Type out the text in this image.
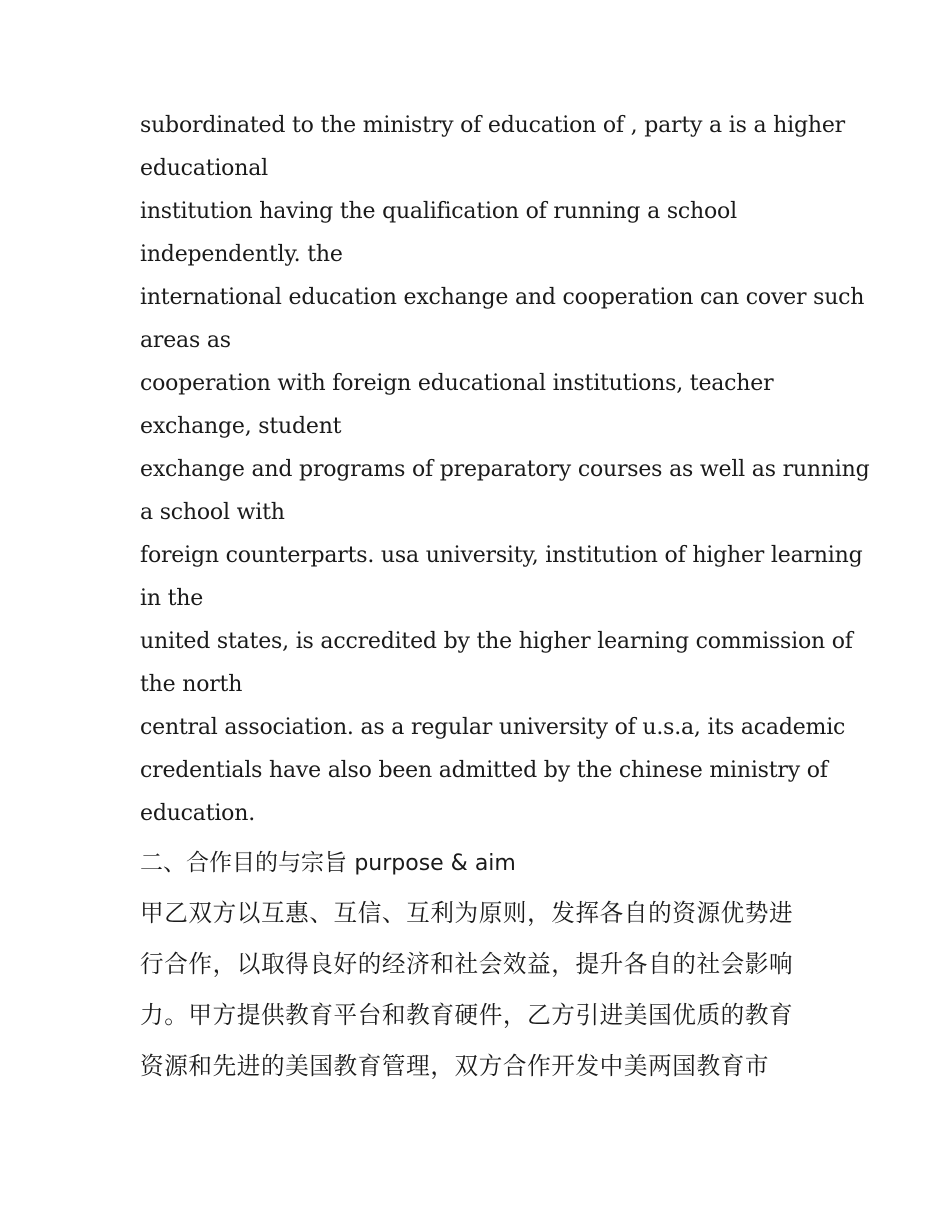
subordinated to the ministry of education of , party a is a higher
educational
institution having the qualification of running a school
independently. the
international education exchange and cooperation can cover such
areas as
cooperation with foreign educational institutions, teacher
exchange, student
exchange and programs of preparatory courses as well as running
a school with
foreign counterparts. usa university, institution of higher learning
in the
united states, is accredited by the higher learning commission of
the north
central association. as a regular university of u.s.a, its academic
credentials have also been admitted by the chinese ministry of
education.
二、合作目的与宗旨 purpose & aim
甲乙双方以互惠、互信、互利为原则，发挥各自的资源优势进
行合作，以取得良好的经济和社会效益，提升各自的社会影响
力。甲方提供教育平台和教育硬件，乙方引进美国优质的教育
资源和先进的美国教育管理，双方合作开发中美两国教育市
